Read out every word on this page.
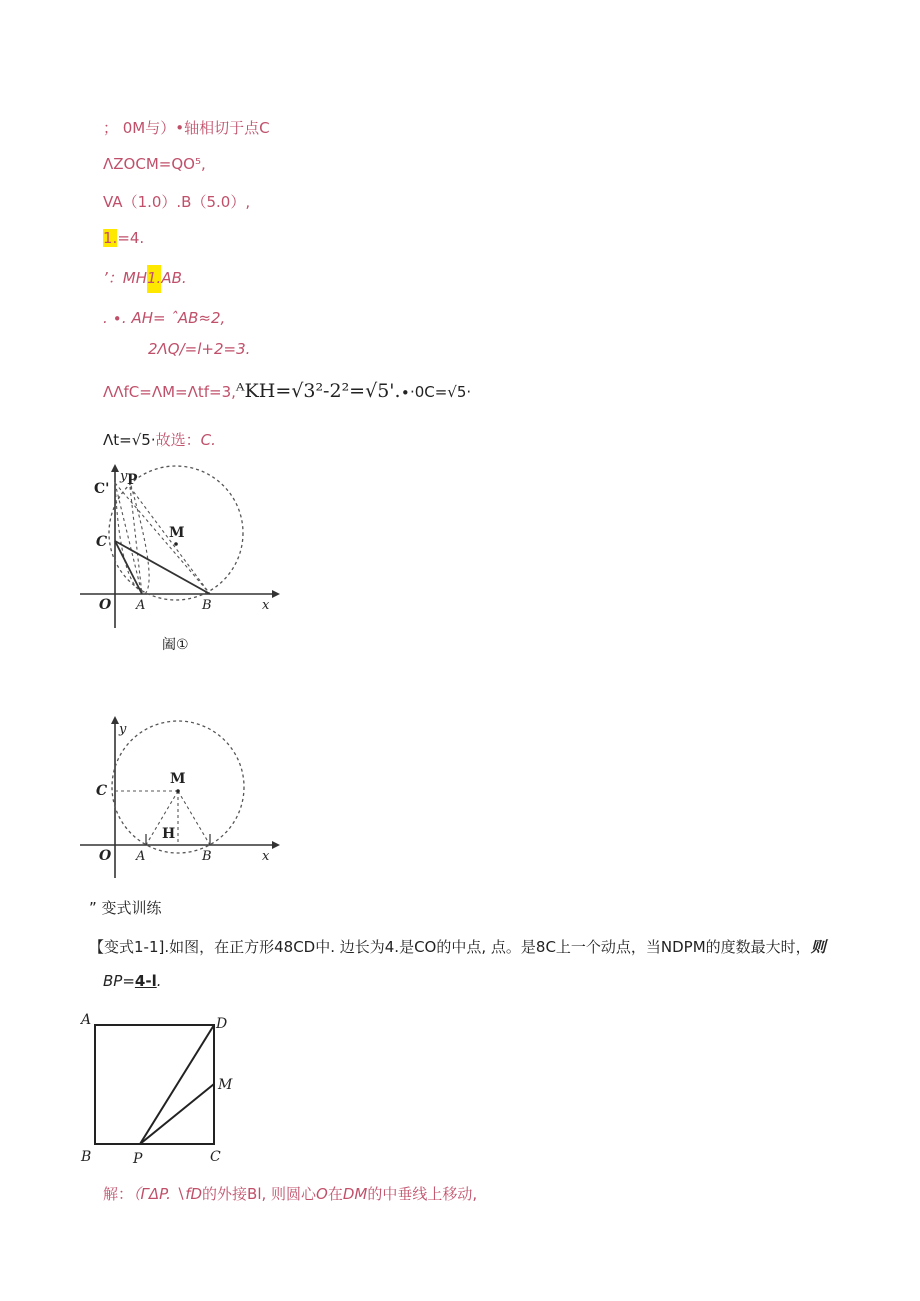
； 0M与）•轴相切于点C
ΛZOCM=QO⁵,
VA（1.0）.B（5.0）,
1.=4.
’：MH1.AB.
. ∙. AH= ˆAB≈2,
2ΛQ/=l+2=3.
ΛΛfC=ΛM=Λtf=3,ᴬKH=√3²-2²=√5'.∙·0C=√5·
Λt=√5·故选：C.
C'
y P
M
C
O A	B	x
阖①
y
M
C
H
O A	B	x
” 变式训练
【变式1-1].如图，在正方形48CD中. 边长为4.是CO的中点, 点。是8C上一个动点，当NDPM的度数最大时，则
BP=4-l.
A	D
M
B	P	C
解：（ΓΔP. ∖fD的外接Bl, 则圆心O在DM的中垂线上移动,
